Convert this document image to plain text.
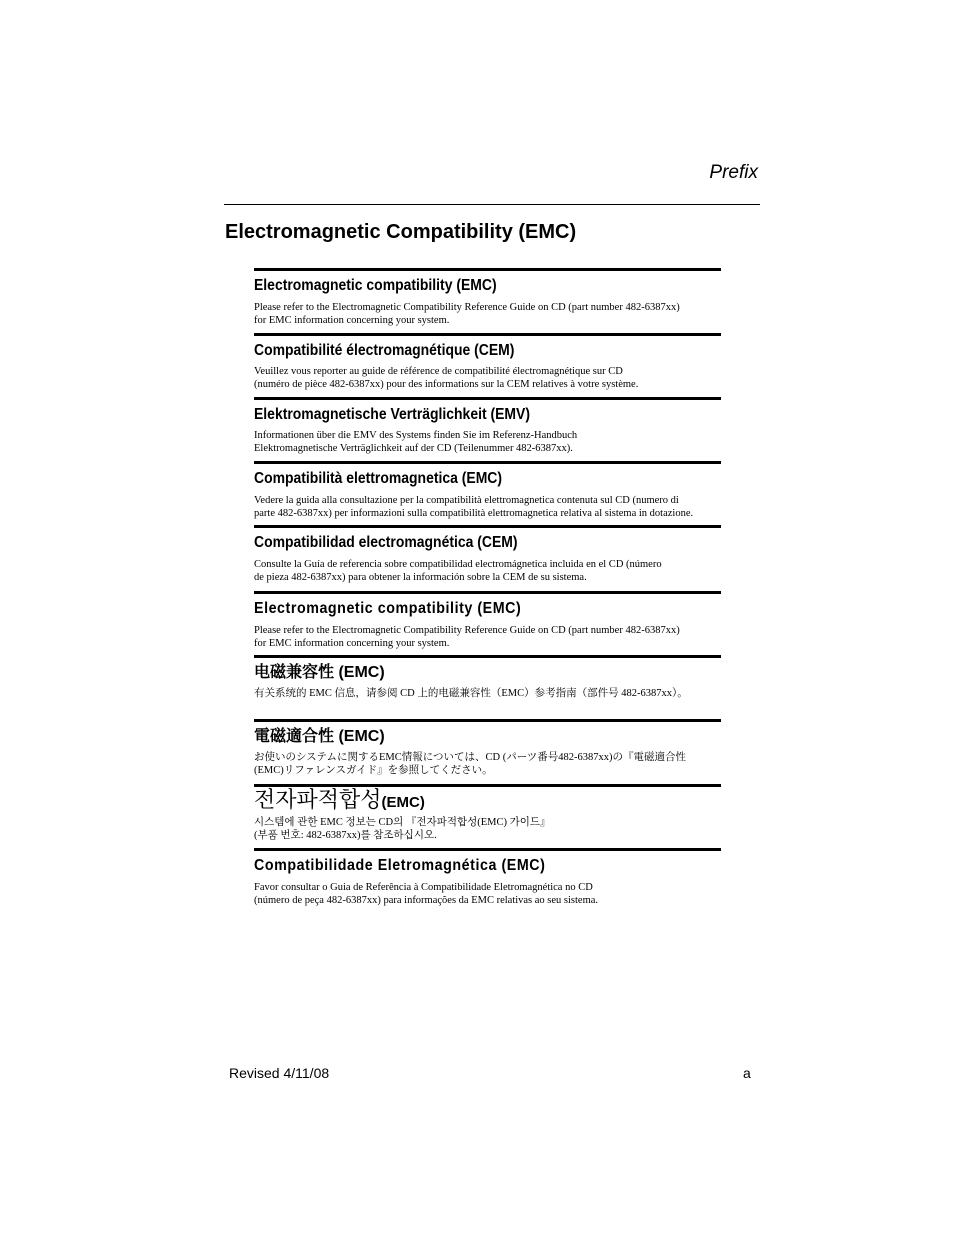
Prefix
Electromagnetic Compatibility (EMC)
Electromagnetic compatibility (EMC)

Please refer to the Electromagnetic Compatibility Reference Guide on CD (part number 482-6387xx)
for EMC information concerning your system.

Compatibilité électromagnétique (CEM)

Veuillez vous reporter au guide de référence de compatibilité électromagnétique sur CD
(numéro de pièce 482-6387xx) pour des informations sur la CEM relatives à votre système.

Elektromagnetische Verträglichkeit (EMV)

Informationen über die EMV des Systems finden Sie im Referenz-Handbuch
Elektromagnetische Verträglichkeit auf der CD (Teilenummer 482-6387xx).

Compatibilità elettromagnetica (EMC)

Vedere la guida alla consultazione per la compatibilità elettromagnetica contenuta sul CD (numero di
parte 482-6387xx) per informazioni sulla compatibilità elettromagnetica relativa al sistema in dotazione.

Compatibilidad electromagnética (CEM)

Consulte la Guía de referencia sobre compatibilidad electromágnetica incluida en el CD (número
de pieza 482-6387xx) para obtener la información sobre la CEM de su sistema.

Electromagnetic compatibility (EMC)

Please refer to the Electromagnetic Compatibility Reference Guide on CD (part number 482-6387xx)
for EMC information concerning your system.

电磁兼容性 (EMC)

有关系统的 EMC 信息，请参阅 CD 上的电磁兼容性（EMC）参考指南（部件号 482-6387xx）。

電磁適合性 (EMC)

お使いのシステムに関するEMC情報については、CD (パーツ番号482-6387xx)の『電磁適合性
(EMC)リファレンスガイド』を参照してください。

전자파적합성(EMC)

시스템에 관한 EMC 정보는 CD의 『전자파적합성(EMC) 가이드』
(부품 번호: 482-6387xx)를 참조하십시오.

Compatibilidade Eletromagnética (EMC)

Favor consultar o Guia de Referência à Compatibilidade Eletromagnética no CD
(número de peça 482-6387xx) para informações da EMC relativas ao seu sistema.

Revised 4/11/08	a
